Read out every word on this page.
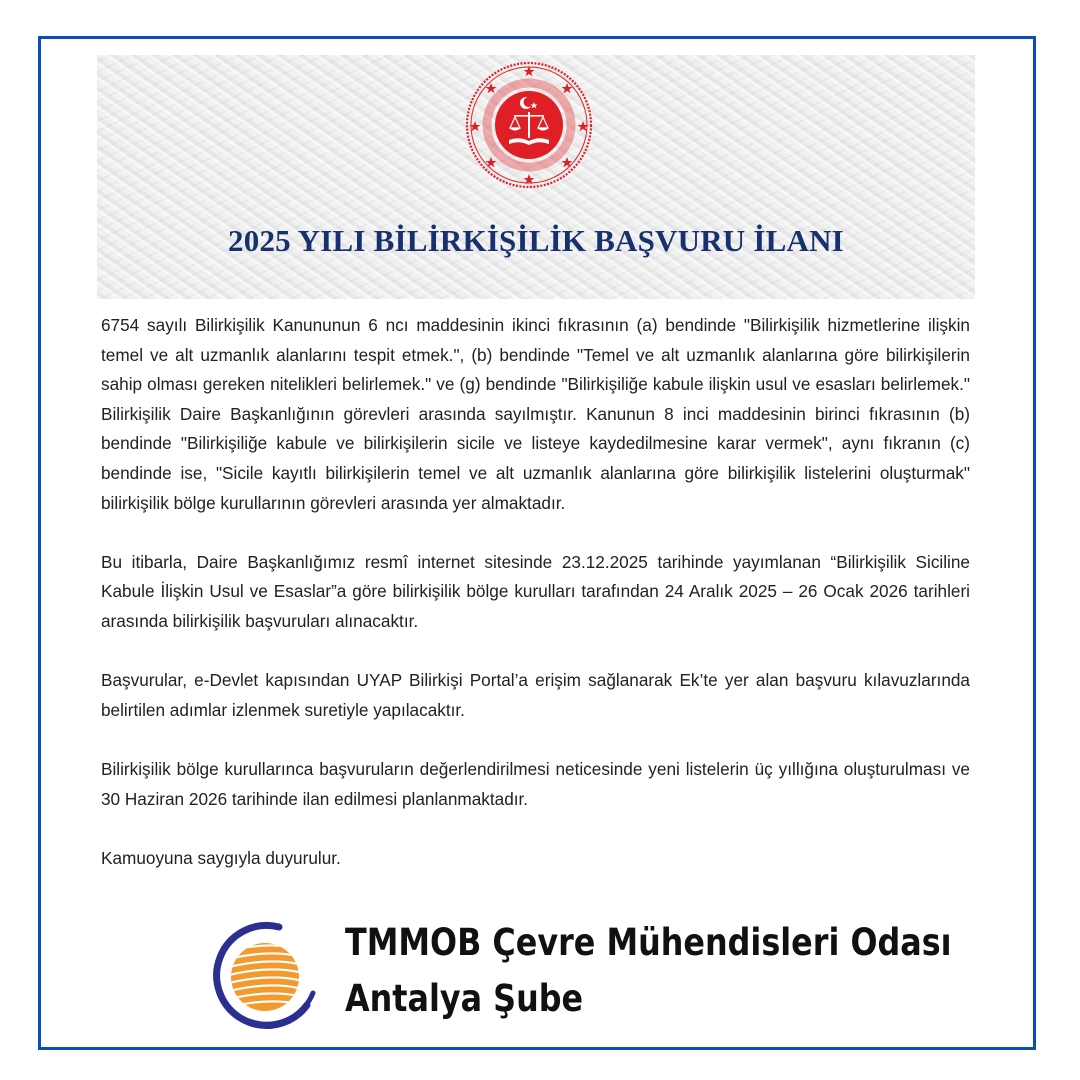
2025 YILI BİLİRKİŞİLİK BAŞVURU İLANI

6754 sayılı Bilirkişilik Kanununun 6 ncı maddesinin ikinci fıkrasının (a) bendinde "Bilirkişilik hizmetlerine ilişkin temel ve alt uzmanlık alanlarını tespit etmek.", (b) bendinde "Temel ve alt uzmanlık alanlarına göre bilirkişilerin sahip olması gereken nitelikleri belirlemek." ve (g) bendinde "Bilirkişiliğe kabule ilişkin usul ve esasları belirlemek." Bilirkişilik Daire Başkanlığının görevleri arasında sayılmıştır. Kanunun 8 inci maddesinin birinci fıkrasının (b) bendinde "Bilirkişiliğe kabule ve bilirkişilerin sicile ve listeye kaydedilmesine karar vermek", aynı fıkranın (c) bendinde ise, "Sicile kayıtlı bilirkişilerin temel ve alt uzmanlık alanlarına göre bilirkişilik listelerini oluşturmak" bilirkişilik bölge kurullarının görevleri arasında yer almaktadır.

Bu itibarla, Daire Başkanlığımız resmî internet sitesinde 23.12.2025 tarihinde yayımlanan “Bilirkişilik Siciline Kabule İlişkin Usul ve Esaslar”a göre bilirkişilik bölge kurulları tarafından 24 Aralık 2025 – 26 Ocak 2026 tarihleri arasında bilirkişilik başvuruları alınacaktır.

Başvurular, e-Devlet kapısından UYAP Bilirkişi Portal’a erişim sağlanarak Ek’te yer alan başvuru kılavuzlarında belirtilen adımlar izlenmek suretiyle yapılacaktır.

Bilirkişilik bölge kurullarınca başvuruların değerlendirilmesi neticesinde yeni listelerin üç yıllığına oluşturulması ve 30 Haziran 2026 tarihinde ilan edilmesi planlanmaktadır.

Kamuoyuna saygıyla duyurulur.

TMMOB Çevre Mühendisleri Odası
Antalya Şube
